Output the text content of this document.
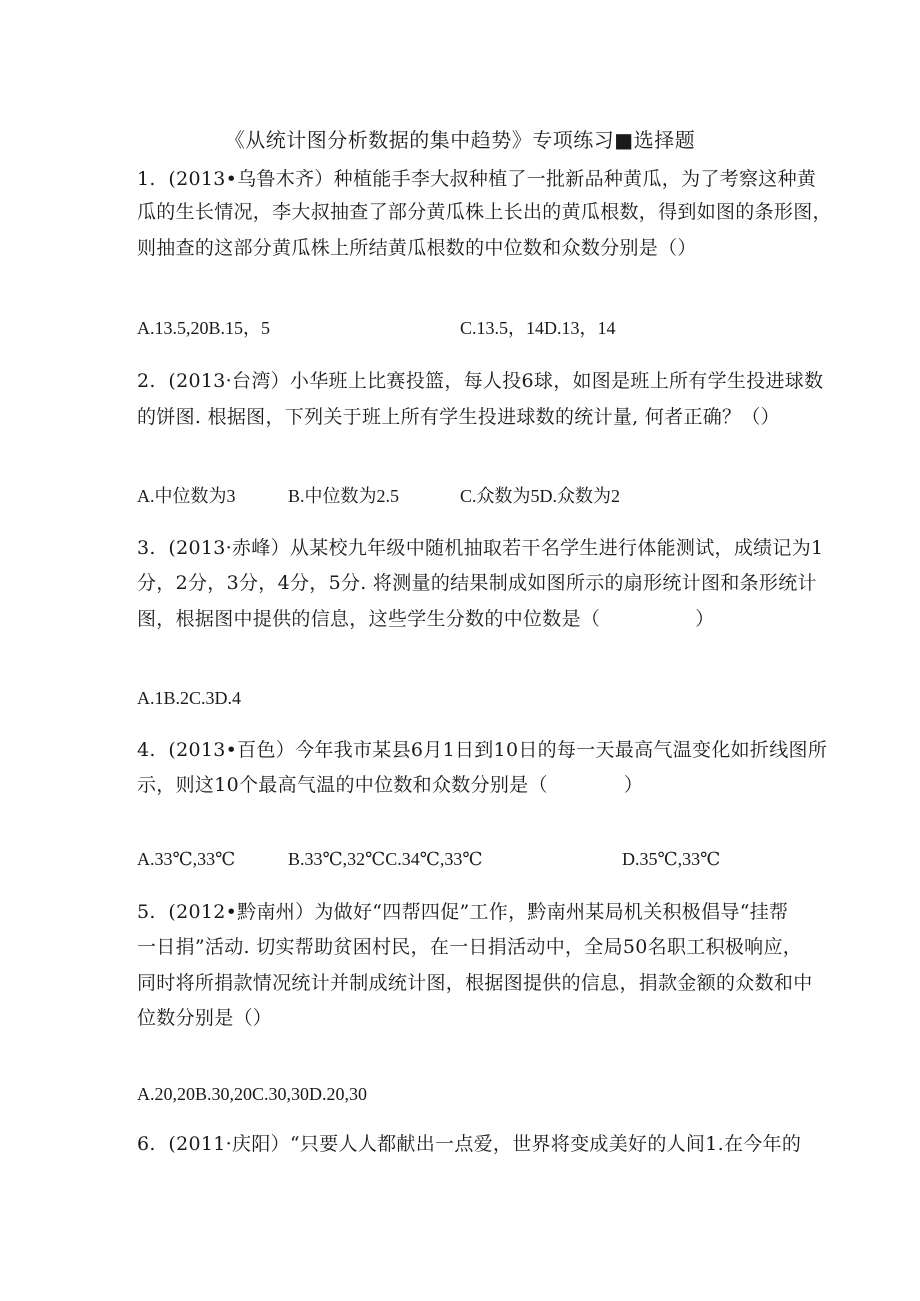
《从统计图分析数据的集中趋势》专项练习■选择题
1.  (2013•乌鲁木齐）种植能手李大叔种植了一批新品种黄瓜，为了考察这种黄
瓜的生长情况，李大叔抽查了部分黄瓜株上长出的黄瓜根数，得到如图的条形图，
则抽查的这部分黄瓜株上所结黄瓜根数的中位数和众数分别是（）
A.13.5,20B.15，5	C.13.5，14D.13，14
2.  (2013·台湾）小华班上比赛投篮，每人投6球，如图是班上所有学生投进球数
的饼图. 根据图，下列关于班上所有学生投进球数的统计量, 何者正确？（）
A.中位数为3	B.中位数为2.5	C.众数为5D.众数为2
3.  (2013·赤峰）从某校九年级中随机抽取若干名学生进行体能测试，成绩记为1
分，2分，3分，4分，5分. 将测量的结果制成如图所示的扇形统计图和条形统计
图，根据图中提供的信息，这些学生分数的中位数是（               ）
A.1B.2C.3D.4
4.  (2013•百色）今年我市某县6月1日到10日的每一天最高气温变化如折线图所
示，则这10个最高气温的中位数和众数分别是（            ）
A.33℃,33℃	B.33℃,32℃C.34℃,33℃	D.35℃,33℃
5.  (2012•黔南州）为做好“四帮四促”工作，黔南州某局机关积极倡导“挂帮
一日捐”活动. 切实帮助贫困村民，在一日捐活动中，全局50名职工积极响应，
同时将所捐款情况统计并制成统计图，根据图提供的信息，捐款金额的众数和中
位数分别是（）
A.20,20B.30,20C.30,30D.20,30
6.  (2011·庆阳）“只要人人都献出一点爱，世界将变成美好的人间1.在今年的
